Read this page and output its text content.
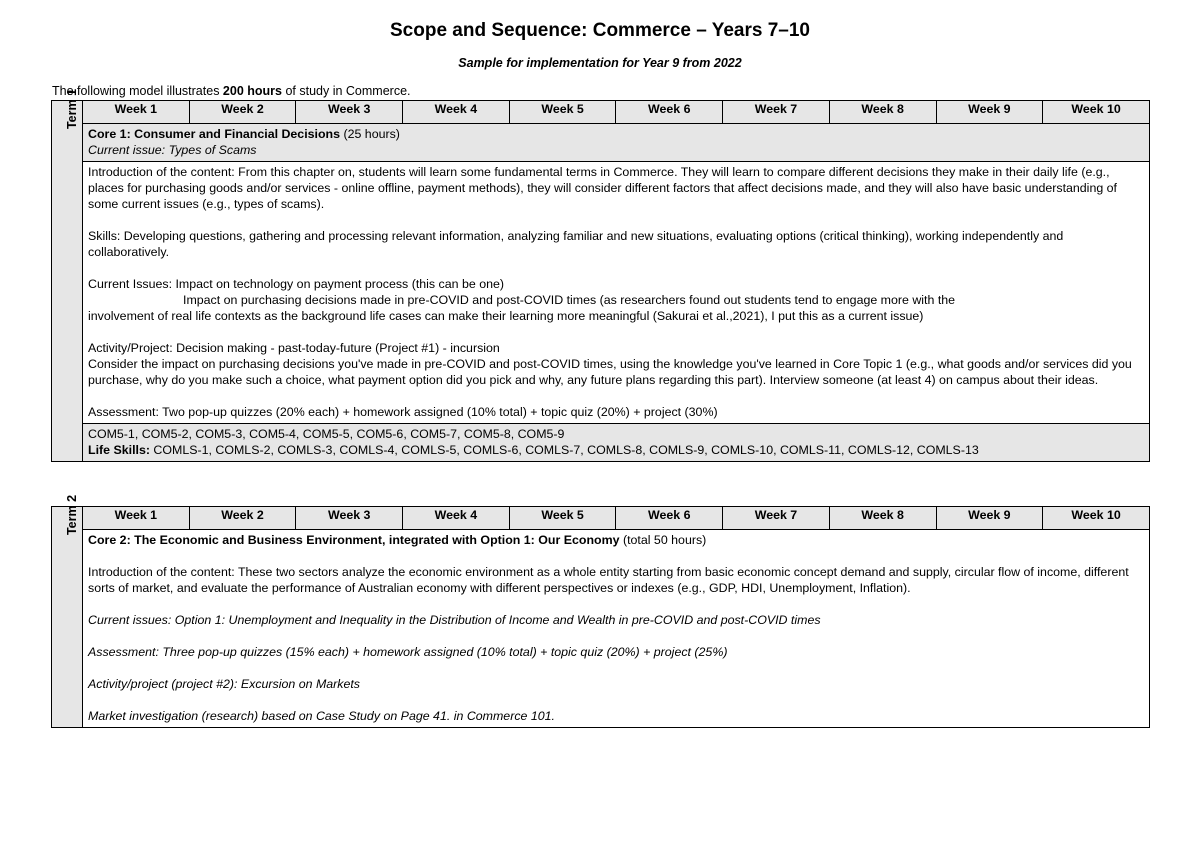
Scope and Sequence: Commerce – Years 7–10
Sample for implementation for Year 9 from 2022
The following model illustrates 200 hours of study in Commerce.
Term 1	Week 1	Week 2	Week 3	Week 4	Week 5	Week 6	Week 7	Week 8	Week 9	Week 10

Core 1: Consumer and Financial Decisions (25 hours)
Current issue: Types of Scams

Introduction of the content: From this chapter on, students will learn some fundamental terms in Commerce. They will learn to compare different decisions they make in their daily life (e.g., places for purchasing goods and/or services - online offline, payment methods), they will consider different factors that affect decisions made, and they will also have basic understanding of some current issues (e.g., types of scams).
Skills: Developing questions, gathering and processing relevant information, analyzing familiar and new situations, evaluating options (critical thinking), working independently and collaboratively.
Current Issues: Impact on technology on payment process (this can be one)
Impact on purchasing decisions made in pre-COVID and post-COVID times (as researchers found out students tend to engage more with the
involvement of real life contexts as the background life cases can make their learning more meaningful (Sakurai et al.,2021), I put this as a current issue)
Activity/Project: Decision making - past-today-future (Project #1) - incursion
Consider the impact on purchasing decisions you've made in pre-COVID and post-COVID times, using the knowledge you've learned in Core Topic 1 (e.g., what goods and/or services did you purchase, why do you make such a choice, what payment option did you pick and why, any future plans regarding this part). Interview someone (at least 4) on campus about their ideas.
Assessment: Two pop-up quizzes (20% each) + homework assigned (10% total) + topic quiz (20%) + project (30%)

COM5-1, COM5-2, COM5-3, COM5-4, COM5-5, COM5-6, COM5-7, COM5-8, COM5-9
Life Skills: COMLS-1, COMLS-2, COMLS-3, COMLS-4, COMLS-5, COMLS-6, COMLS-7, COMLS-8, COMLS-9, COMLS-10, COMLS-11, COMLS-12, COMLS-13
Term 2	Week 1	Week 2	Week 3	Week 4	Week 5	Week 6	Week 7	Week 8	Week 9	Week 10

Core 2: The Economic and Business Environment, integrated with Option 1: Our Economy (total 50 hours)
Introduction of the content: These two sectors analyze the economic environment as a whole entity starting from basic economic concept demand and supply, circular flow of income, different sorts of market, and evaluate the performance of Australian economy with different perspectives or indexes (e.g., GDP, HDI, Unemployment, Inflation).
Current issues: Option 1: Unemployment and Inequality in the Distribution of Income and Wealth in pre-COVID and post-COVID times
Assessment: Three pop-up quizzes (15% each) + homework assigned (10% total) + topic quiz (20%) + project (25%)
Activity/project (project #2): Excursion on Markets
Market investigation (research) based on Case Study on Page 41. in Commerce 101.
